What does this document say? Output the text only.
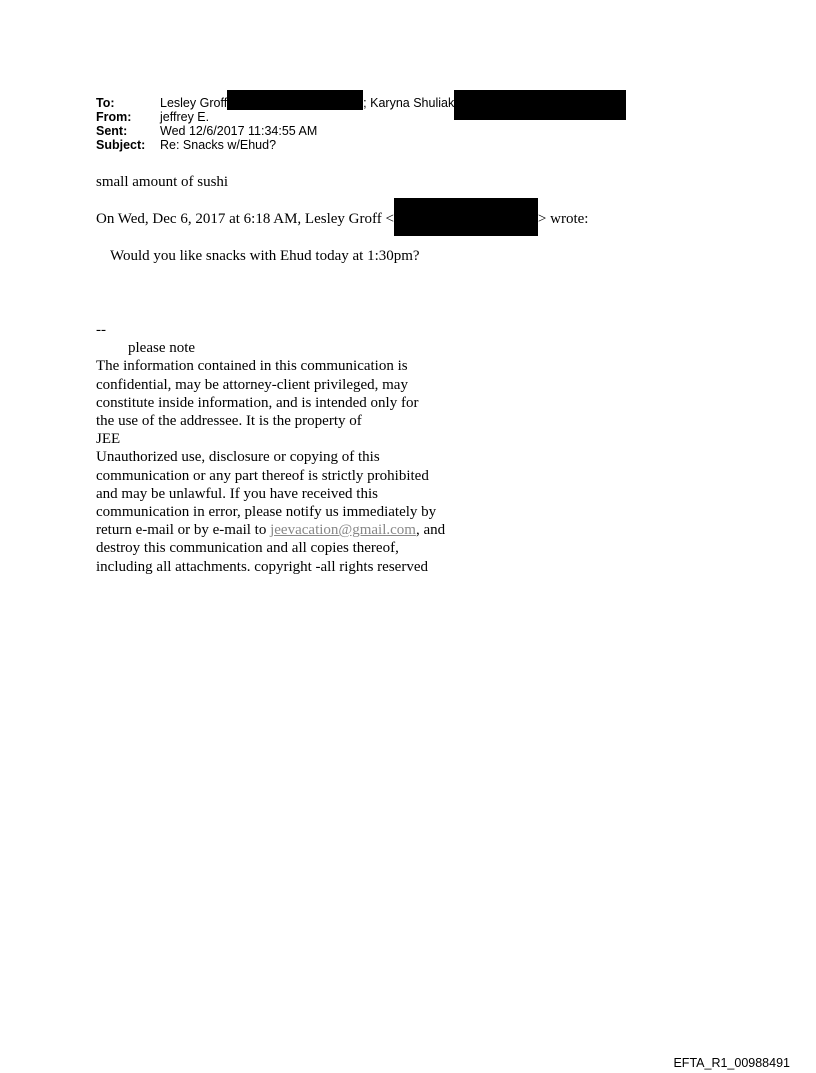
To:	Lesley Groff	; Karyna Shuliak
From: jeffrey E.
Sent:	Wed 12/6/2017 11:34:55 AM
Subject: Re: Snacks w/Ehud?
small amount of sushi
On Wed, Dec 6, 2017 at 6:18 AM, Lesley Groff <	> wrote:
Would you like snacks with Ehud today at 1:30pm?
--
please note
The information contained in this communication is
confidential, may be attorney-client privileged, may
constitute inside information, and is intended only for
the use of the addressee. It is the property of
JEE
Unauthorized use, disclosure or copying of this
communication or any part thereof is strictly prohibited
and may be unlawful. If you have received this
communication in error, please notify us immediately by
return e-mail or by e-mail to jeevacation@gmail.com, and
destroy this communication and all copies thereof,
including all attachments. copyright -all rights reserved
EFTA_R1_00988491
